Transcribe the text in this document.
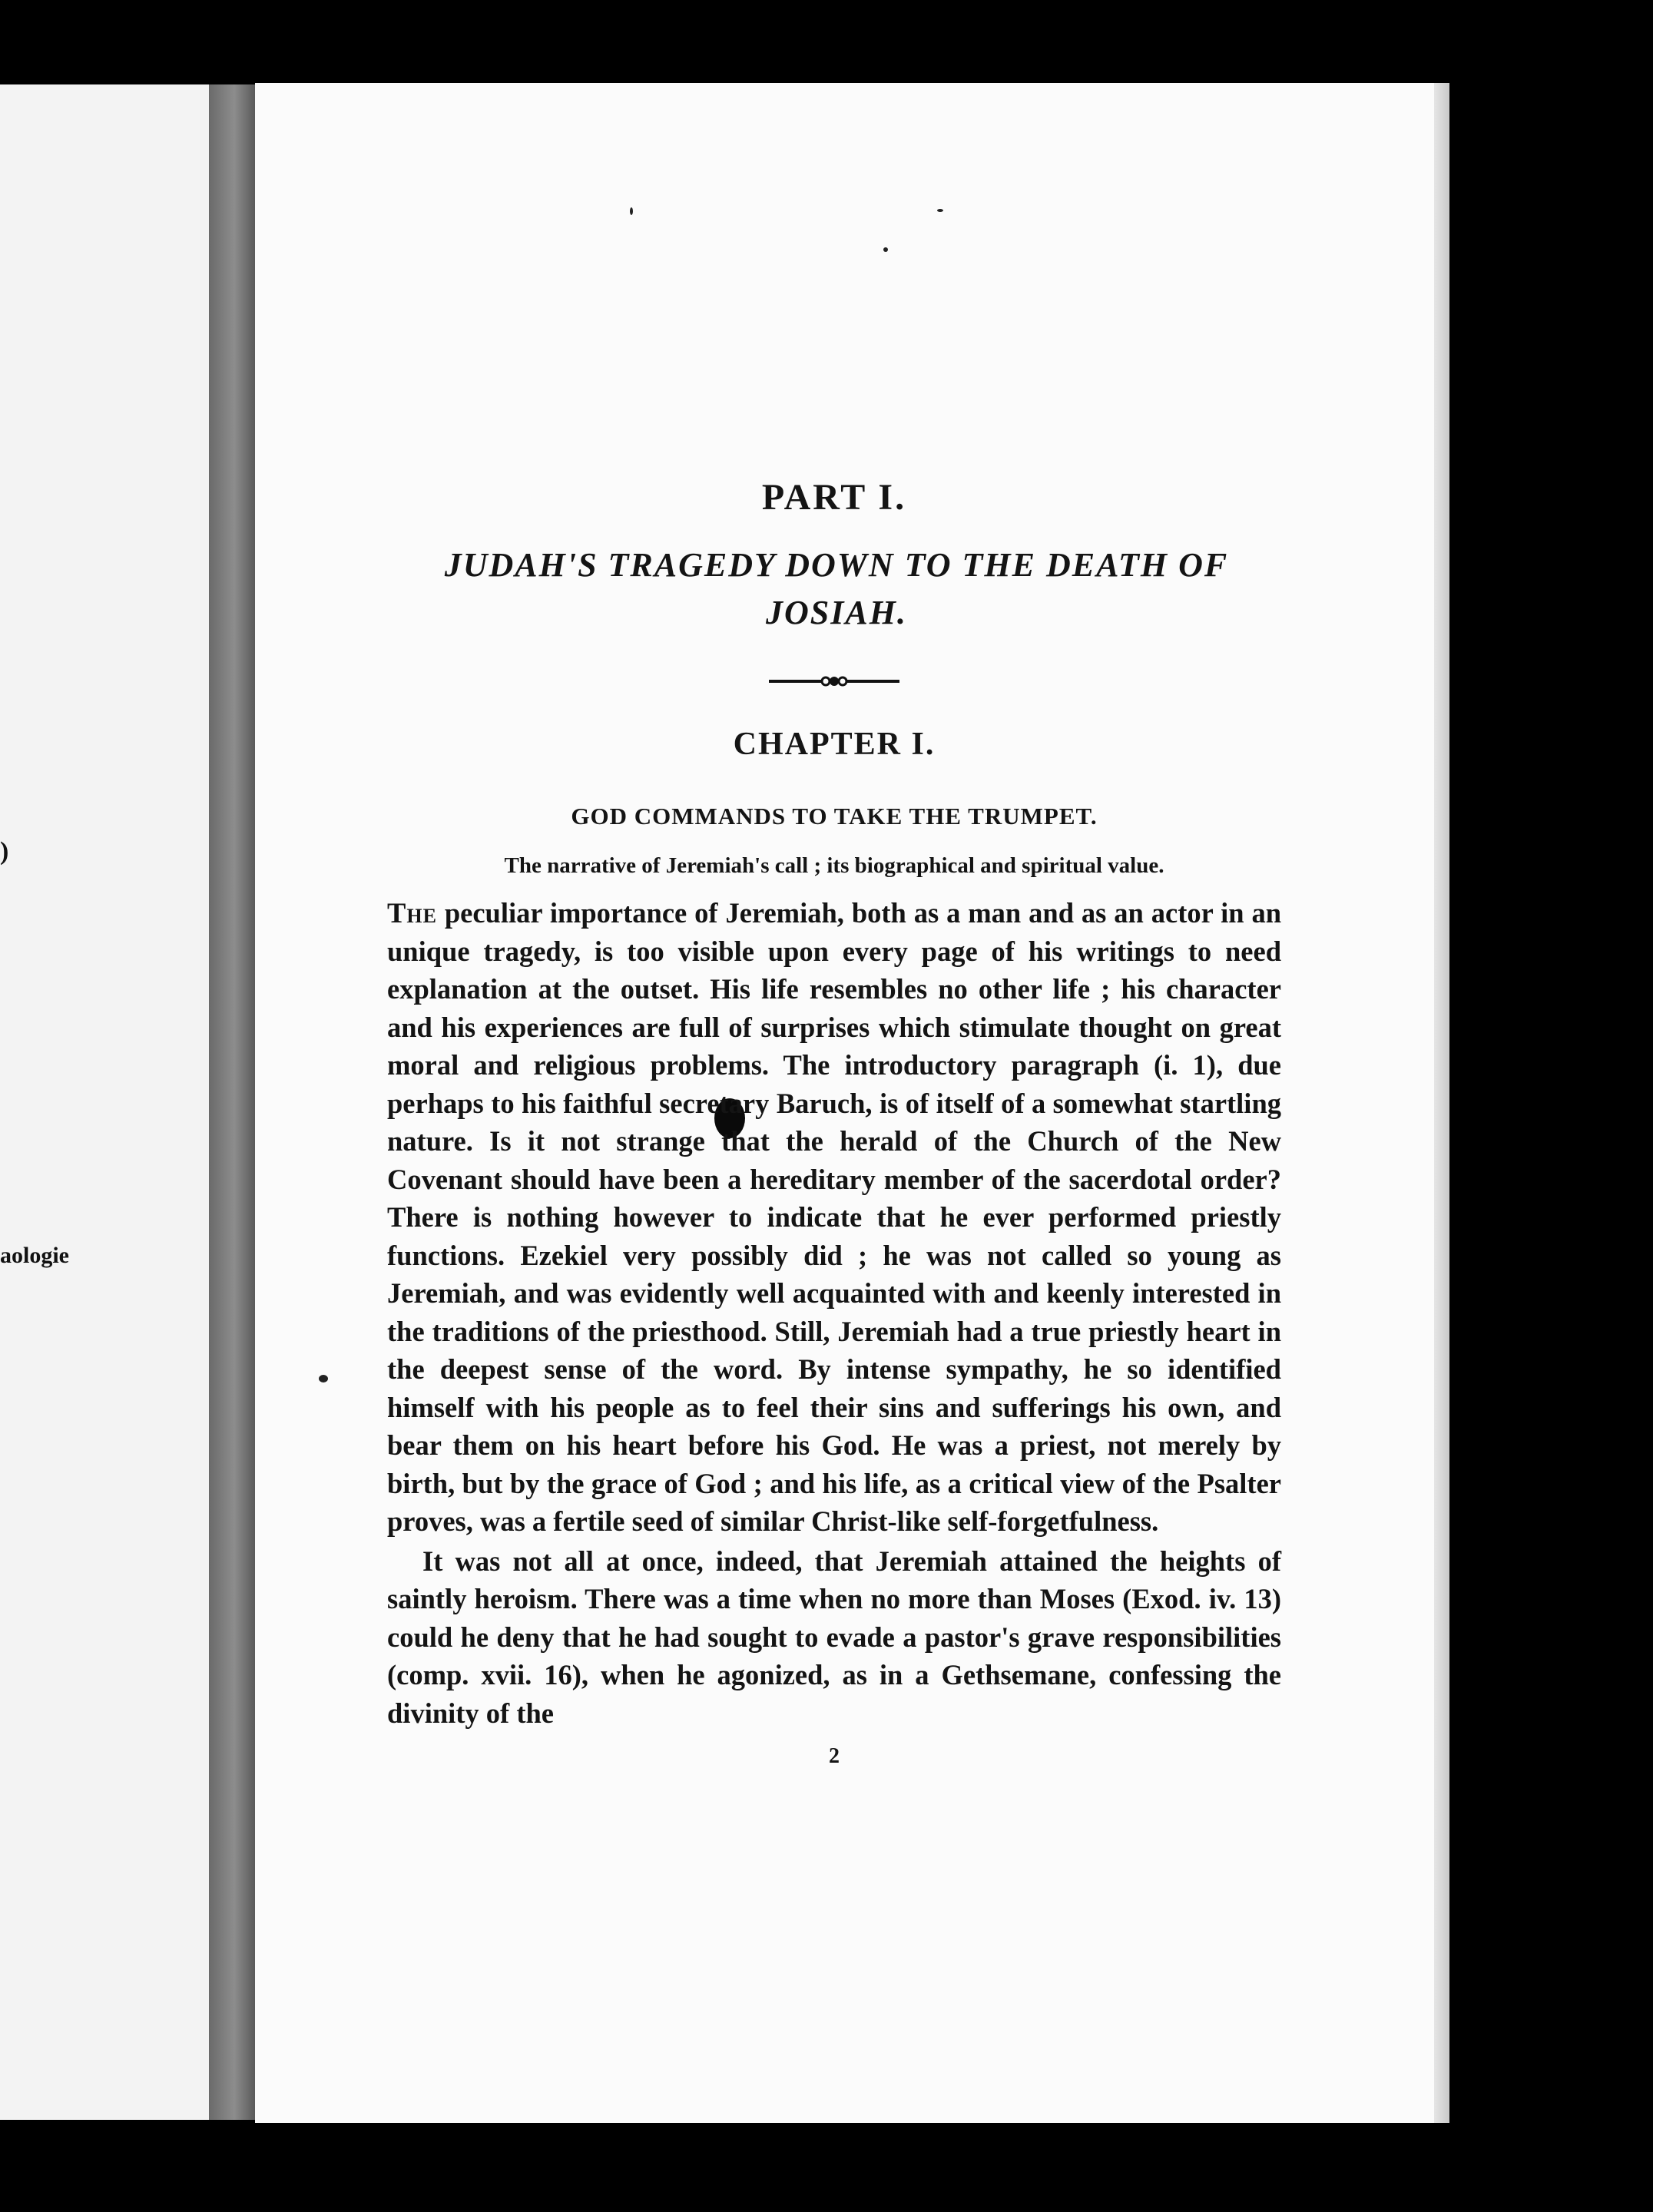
)
aologie
PART I.
JUDAH'S TRAGEDY DOWN TO THE DEATH OF JOSIAH.
CHAPTER I.
GOD COMMANDS TO TAKE THE TRUMPET.
The narrative of Jeremiah's call ; its biographical and spiritual value.

The peculiar importance of Jeremiah, both as a man and as an actor in an unique tragedy, is too visible upon every page of his writings to need explanation at the outset. His life resembles no other life ; his character and his experiences are full of surprises which stimulate thought on great moral and religious problems. The introductory paragraph (i. 1), due perhaps to his faithful secretary Baruch, is of itself of a somewhat startling nature. Is it not strange that the herald of the Church of the New Covenant should have been a hereditary member of the sacerdotal order? There is nothing however to indicate that he ever performed priestly functions. Ezekiel very possibly did ; he was not called so young as Jeremiah, and was evidently well acquainted with and keenly interested in the traditions of the priesthood. Still, Jeremiah had a true priestly heart in the deepest sense of the word. By intense sympathy, he so identified himself with his people as to feel their sins and sufferings his own, and bear them on his heart before his God. He was a priest, not merely by birth, but by the grace of God ; and his life, as a critical view of the Psalter proves, was a fertile seed of similar Christ-like self-forgetfulness.

It was not all at once, indeed, that Jeremiah attained the heights of saintly heroism. There was a time when no more than Moses (Exod. iv. 13) could he deny that he had sought to evade a pastor's grave responsibilities (comp. xvii. 16), when he agonized, as in a Gethsemane, confessing the divinity of the

2
